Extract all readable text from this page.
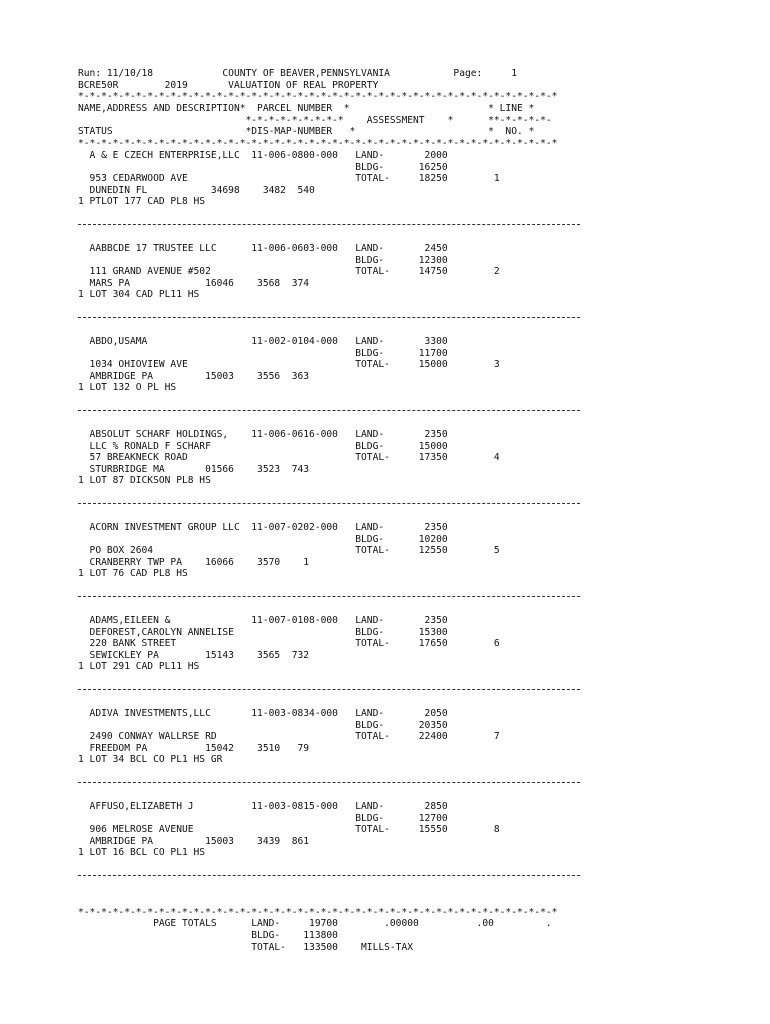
Run: 11/10/18            COUNTY OF BEAVER,PENNSYLVANIA           Page:     1
BCRE50R        2019       VALUATION OF REAL PROPERTY
*-*-*-*-*-*-*-*-*-*-*-*-*-*-*-*-*-*-*-*-*-*-*-*-*-*-*-*-*-*-*-*-*-*-*-*-*-*-*-*-*-*
NAME,ADDRESS AND DESCRIPTION*  PARCEL NUMBER  *                        * LINE *
*-*-*-*-*-*-*-*-*    ASSESSMENT    *      **-*-*-*-*-
STATUS                       *DIS-MAP-NUMBER   *                       *  NO. *
*-*-*-*-*-*-*-*-*-*-*-*-*-*-*-*-*-*-*-*-*-*-*-*-*-*-*-*-*-*-*-*-*-*-*-*-*-*-*-*-*-*
A & E CZECH ENTERPRISE,LLC  11-006-0800-000   LAND-       2000
BLDG-      16250
953 CEDARWOOD AVE                             TOTAL-     18250        1
DUNEDIN FL           34698    3482  540
1 PTLOT 177 CAD PL8 HS
AABBCDE 17 TRUSTEE LLC      11-006-0603-000   LAND-       2450
BLDG-      12300
111 GRAND AVENUE #502                         TOTAL-     14750        2
MARS PA             16046    3568  374
1 LOT 304 CAD PL11 HS
ABDO,USAMA                  11-002-0104-000   LAND-       3300
BLDG-      11700
1034 OHIOVIEW AVE                             TOTAL-     15000        3
AMBRIDGE PA         15003    3556  363
1 LOT 132 O PL HS
ABSOLUT SCHARF HOLDINGS,    11-006-0616-000   LAND-       2350
LLC % RONALD F SCHARF                         BLDG-      15000
57 BREAKNECK ROAD                             TOTAL-     17350        4
STURBRIDGE MA       01566    3523  743
1 LOT 87 DICKSON PL8 HS
ACORN INVESTMENT GROUP LLC  11-007-0202-000   LAND-       2350
BLDG-      10200
PO BOX 2604                                   TOTAL-     12550        5
CRANBERRY TWP PA    16066    3570    1
1 LOT 76 CAD PL8 HS
ADAMS,EILEEN &              11-007-0108-000   LAND-       2350
DEFOREST,CAROLYN ANNELISE                     BLDG-      15300
220 BANK STREET                               TOTAL-     17650        6
SEWICKLEY PA        15143    3565  732
1 LOT 291 CAD PL11 HS
ADIVA INVESTMENTS,LLC       11-003-0834-000   LAND-       2050
BLDG-      20350
2490 CONWAY WALLRSE RD                        TOTAL-     22400        7
FREEDOM PA          15042    3510   79
1 LOT 34 BCL CO PL1 HS GR
AFFUSO,ELIZABETH J          11-003-0815-000   LAND-       2850
BLDG-      12700
906 MELROSE AVENUE                            TOTAL-     15550        8
AMBRIDGE PA         15003    3439  861
1 LOT 16 BCL CO PL1 HS
*-*-*-*-*-*-*-*-*-*-*-*-*-*-*-*-*-*-*-*-*-*-*-*-*-*-*-*-*-*-*-*-*-*-*-*-*-*-*-*-*-*
PAGE TOTALS      LAND-     19700        .00000          .00         .
BLDG-    113800
TOTAL-   133500    MILLS-TAX
